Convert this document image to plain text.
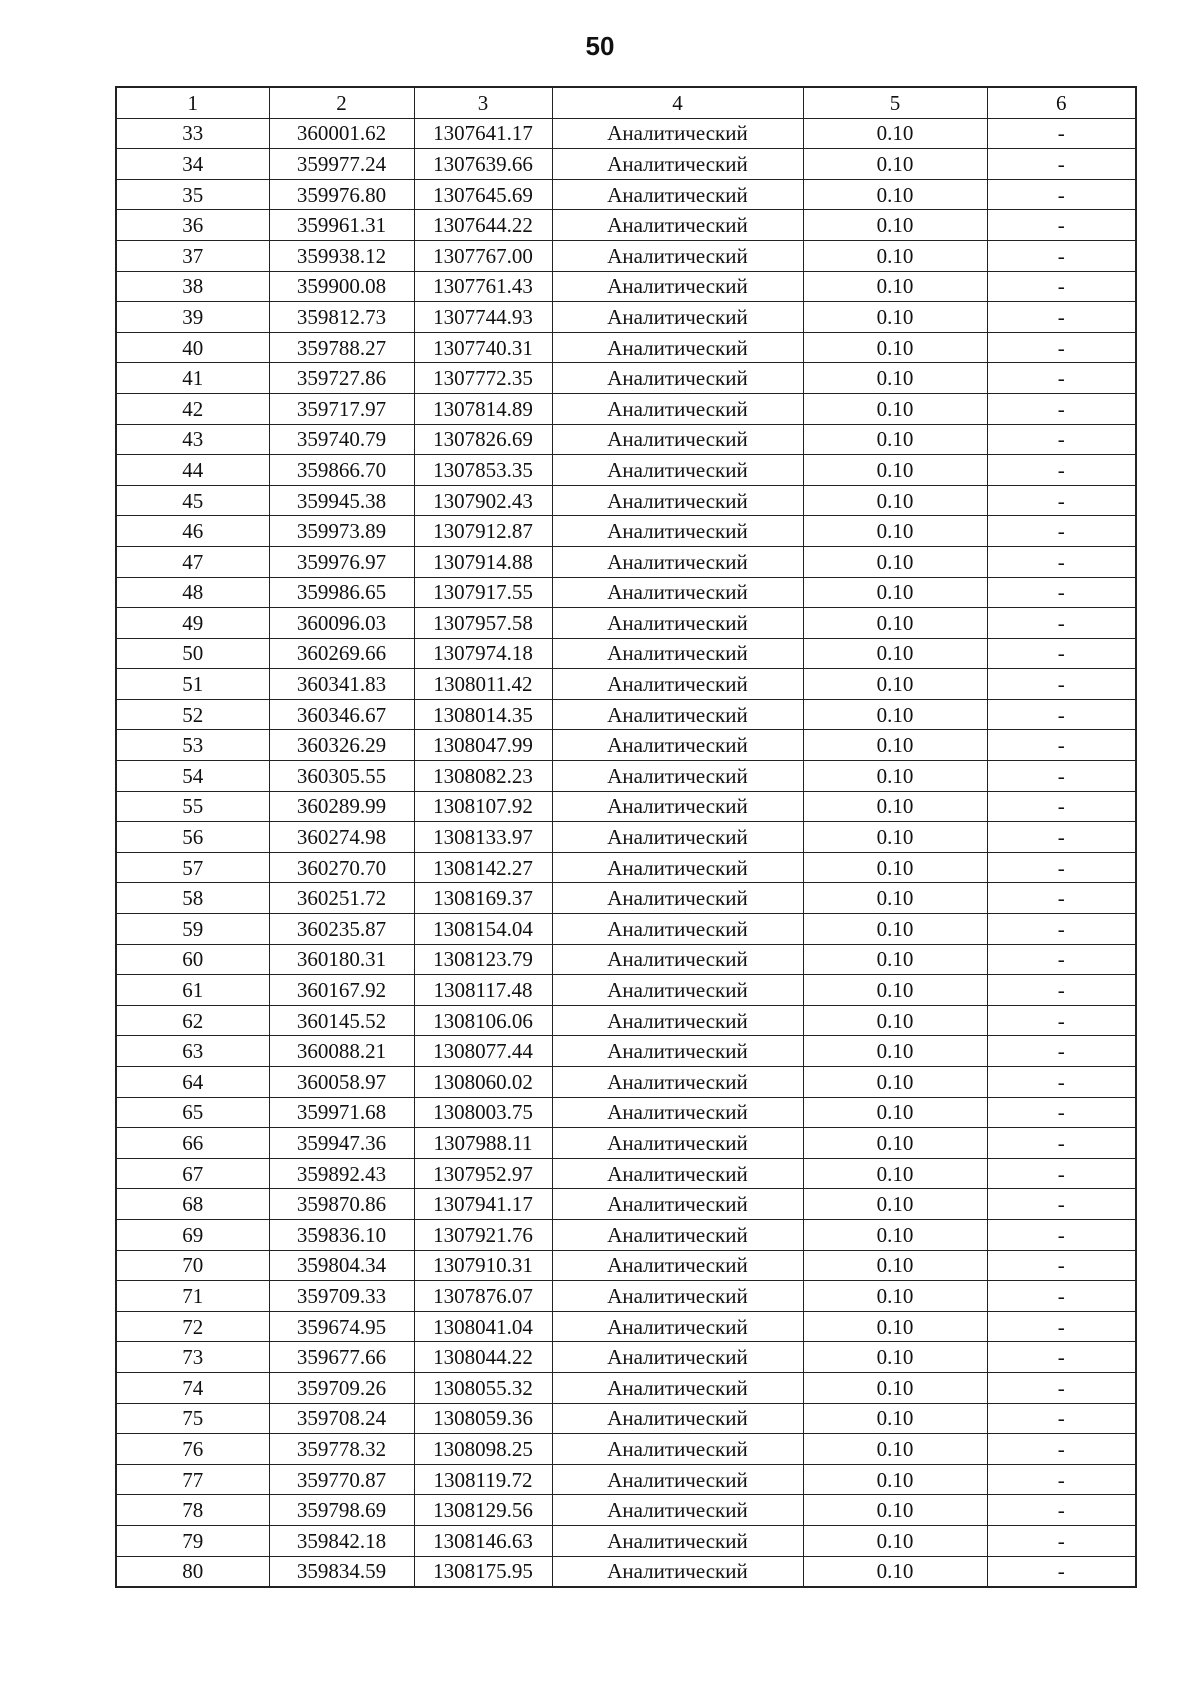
50
1	2	3	4	5	6
33	360001.62	1307641.17	Аналитический	0.10	-
34	359977.24	1307639.66	Аналитический	0.10	-
35	359976.80	1307645.69	Аналитический	0.10	-
36	359961.31	1307644.22	Аналитический	0.10	-
37	359938.12	1307767.00	Аналитический	0.10	-
38	359900.08	1307761.43	Аналитический	0.10	-
39	359812.73	1307744.93	Аналитический	0.10	-
40	359788.27	1307740.31	Аналитический	0.10	-
41	359727.86	1307772.35	Аналитический	0.10	-
42	359717.97	1307814.89	Аналитический	0.10	-
43	359740.79	1307826.69	Аналитический	0.10	-
44	359866.70	1307853.35	Аналитический	0.10	-
45	359945.38	1307902.43	Аналитический	0.10	-
46	359973.89	1307912.87	Аналитический	0.10	-
47	359976.97	1307914.88	Аналитический	0.10	-
48	359986.65	1307917.55	Аналитический	0.10	-
49	360096.03	1307957.58	Аналитический	0.10	-
50	360269.66	1307974.18	Аналитический	0.10	-
51	360341.83	1308011.42	Аналитический	0.10	-
52	360346.67	1308014.35	Аналитический	0.10	-
53	360326.29	1308047.99	Аналитический	0.10	-
54	360305.55	1308082.23	Аналитический	0.10	-
55	360289.99	1308107.92	Аналитический	0.10	-
56	360274.98	1308133.97	Аналитический	0.10	-
57	360270.70	1308142.27	Аналитический	0.10	-
58	360251.72	1308169.37	Аналитический	0.10	-
59	360235.87	1308154.04	Аналитический	0.10	-
60	360180.31	1308123.79	Аналитический	0.10	-
61	360167.92	1308117.48	Аналитический	0.10	-
62	360145.52	1308106.06	Аналитический	0.10	-
63	360088.21	1308077.44	Аналитический	0.10	-
64	360058.97	1308060.02	Аналитический	0.10	-
65	359971.68	1308003.75	Аналитический	0.10	-
66	359947.36	1307988.11	Аналитический	0.10	-
67	359892.43	1307952.97	Аналитический	0.10	-
68	359870.86	1307941.17	Аналитический	0.10	-
69	359836.10	1307921.76	Аналитический	0.10	-
70	359804.34	1307910.31	Аналитический	0.10	-
71	359709.33	1307876.07	Аналитический	0.10	-
72	359674.95	1308041.04	Аналитический	0.10	-
73	359677.66	1308044.22	Аналитический	0.10	-
74	359709.26	1308055.32	Аналитический	0.10	-
75	359708.24	1308059.36	Аналитический	0.10	-
76	359778.32	1308098.25	Аналитический	0.10	-
77	359770.87	1308119.72	Аналитический	0.10	-
78	359798.69	1308129.56	Аналитический	0.10	-
79	359842.18	1308146.63	Аналитический	0.10	-
80	359834.59	1308175.95	Аналитический	0.10	-
